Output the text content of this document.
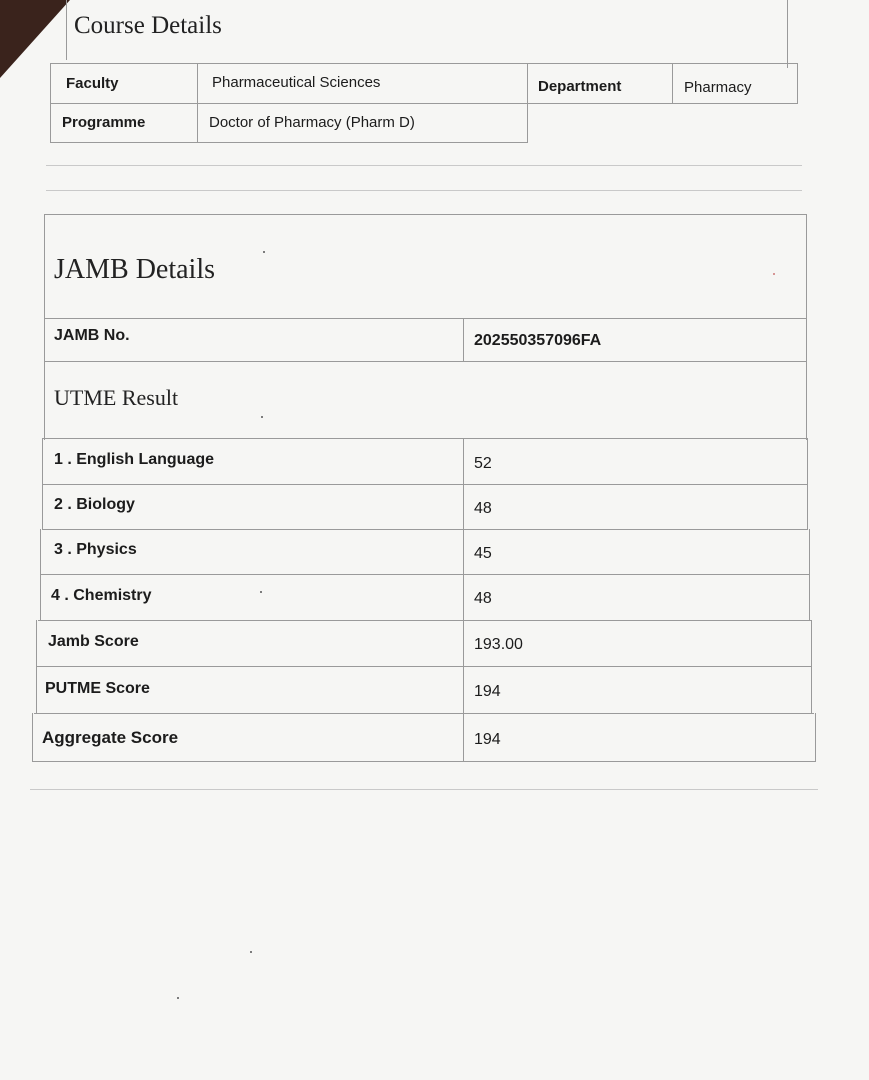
Course Details
Faculty	Pharmaceutical Sciences	Department	Pharmacy
Programme	Doctor of Pharmacy (Pharm D)
JAMB Details
JAMB No.	202550357096FA
UTME Result
1 . English Language	52
2 . Biology	48
3 . Physics	45
4 . Chemistry	48
Jamb Score	193.00
PUTME Score	194
Aggregate Score	194
